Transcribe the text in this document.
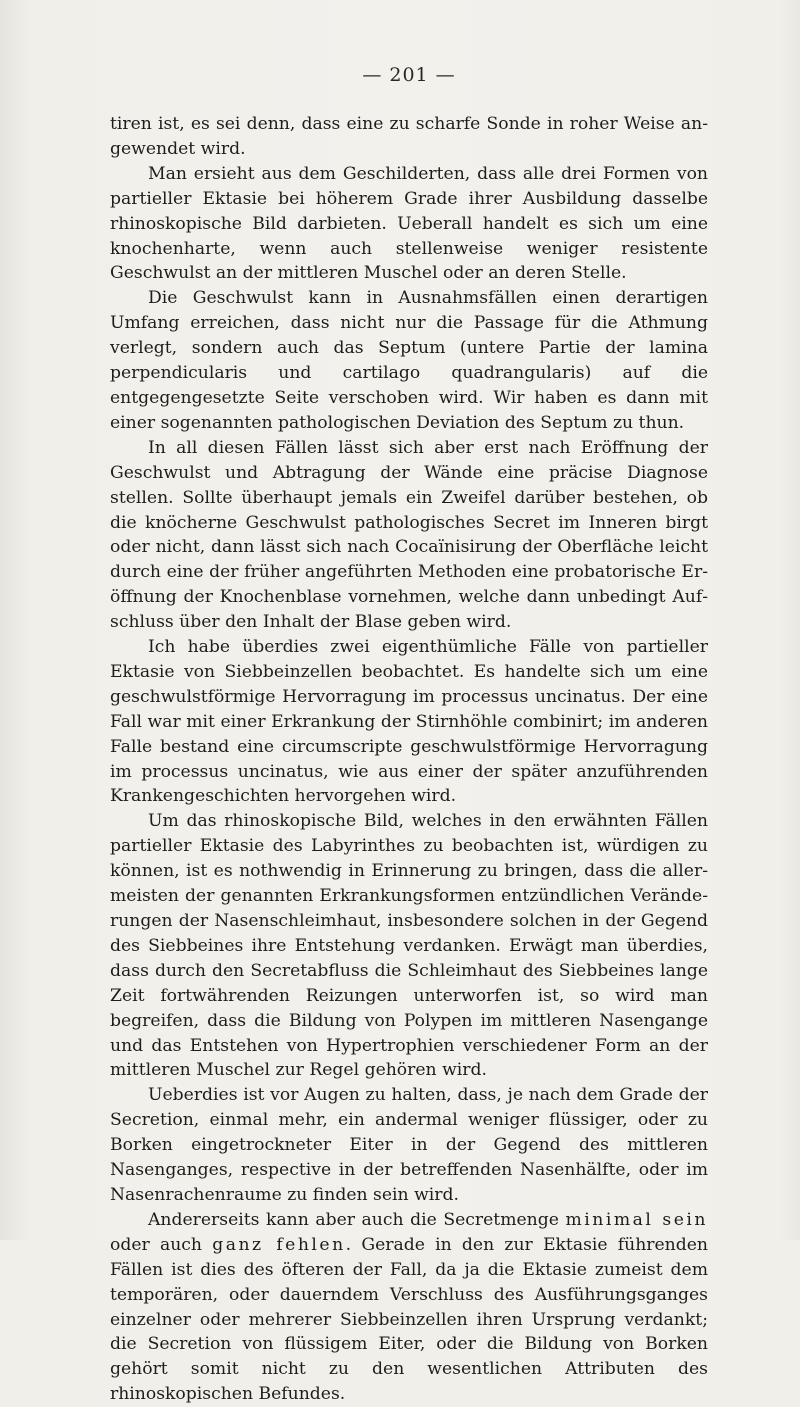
— 201 —

tiren ist, es sei denn, dass eine zu scharfe Sonde in roher Weise angewendet wird.

Man ersieht aus dem Geschilderten, dass alle drei Formen von partieller Ektasie bei höherem Grade ihrer Ausbildung dasselbe rhinoskopische Bild darbieten. Ueberall handelt es sich um eine knochenharte, wenn auch stellenweise weniger resistente Geschwulst an der mittleren Muschel oder an deren Stelle.

Die Geschwulst kann in Ausnahmsfällen einen derartigen Umfang erreichen, dass nicht nur die Passage für die Athmung verlegt, sondern auch das Septum (untere Partie der lamina perpendicularis und cartilago quadrangularis) auf die entgegengesetzte Seite verschoben wird. Wir haben es dann mit einer sogenannten pathologischen Deviation des Septum zu thun.

In all diesen Fällen lässt sich aber erst nach Eröffnung der Geschwulst und Abtragung der Wände eine präcise Diagnose stellen. Sollte überhaupt jemals ein Zweifel darüber bestehen, ob die knöcherne Geschwulst pathologisches Secret im Inneren birgt oder nicht, dann lässt sich nach Cocaïnisirung der Oberfläche leicht durch eine der früher angeführten Methoden eine probatorische Eröffnung der Knochenblase vornehmen, welche dann unbedingt Aufschluss über den Inhalt der Blase geben wird.

Ich habe überdies zwei eigenthümliche Fälle von partieller Ektasie von Siebbeinzellen beobachtet. Es handelte sich um eine geschwulstförmige Hervorragung im processus uncinatus. Der eine Fall war mit einer Erkrankung der Stirnhöhle combinirt; im anderen Falle bestand eine circumscripte geschwulstförmige Hervorragung im processus uncinatus, wie aus einer der später anzuführenden Krankengeschichten hervorgehen wird.

Um das rhinoskopische Bild, welches in den erwähnten Fällen partieller Ektasie des Labyrinthes zu beobachten ist, würdigen zu können, ist es nothwendig in Erinnerung zu bringen, dass die allermeisten der genannten Erkrankungsformen entzündlichen Veränderungen der Nasenschleimhaut, insbesondere solchen in der Gegend des Siebbeines ihre Entstehung verdanken. Erwägt man überdies, dass durch den Secretabfluss die Schleimhaut des Siebbeines lange Zeit fortwährenden Reizungen unterworfen ist, so wird man begreifen, dass die Bildung von Polypen im mittleren Nasengange und das Entstehen von Hypertrophien verschiedener Form an der mittleren Muschel zur Regel gehören wird.

Ueberdies ist vor Augen zu halten, dass, je nach dem Grade der Secretion, einmal mehr, ein andermal weniger flüssiger, oder zu Borken eingetrockneter Eiter in der Gegend des mittleren Nasenganges, respective in der betreffenden Nasenhälfte, oder im Nasenrachenraume zu finden sein wird.

Andererseits kann aber auch die Secretmenge minimal sein oder auch ganz fehlen. Gerade in den zur Ektasie führenden Fällen ist dies des öfteren der Fall, da ja die Ektasie zumeist dem temporären, oder dauerndem Verschluss des Ausführungsganges einzelner oder mehrerer Siebbeinzellen ihren Ursprung verdankt; die Secretion von flüssigem Eiter, oder die Bildung von Borken gehört somit nicht zu den wesentlichen Attributen des rhinoskopischen Befundes.
